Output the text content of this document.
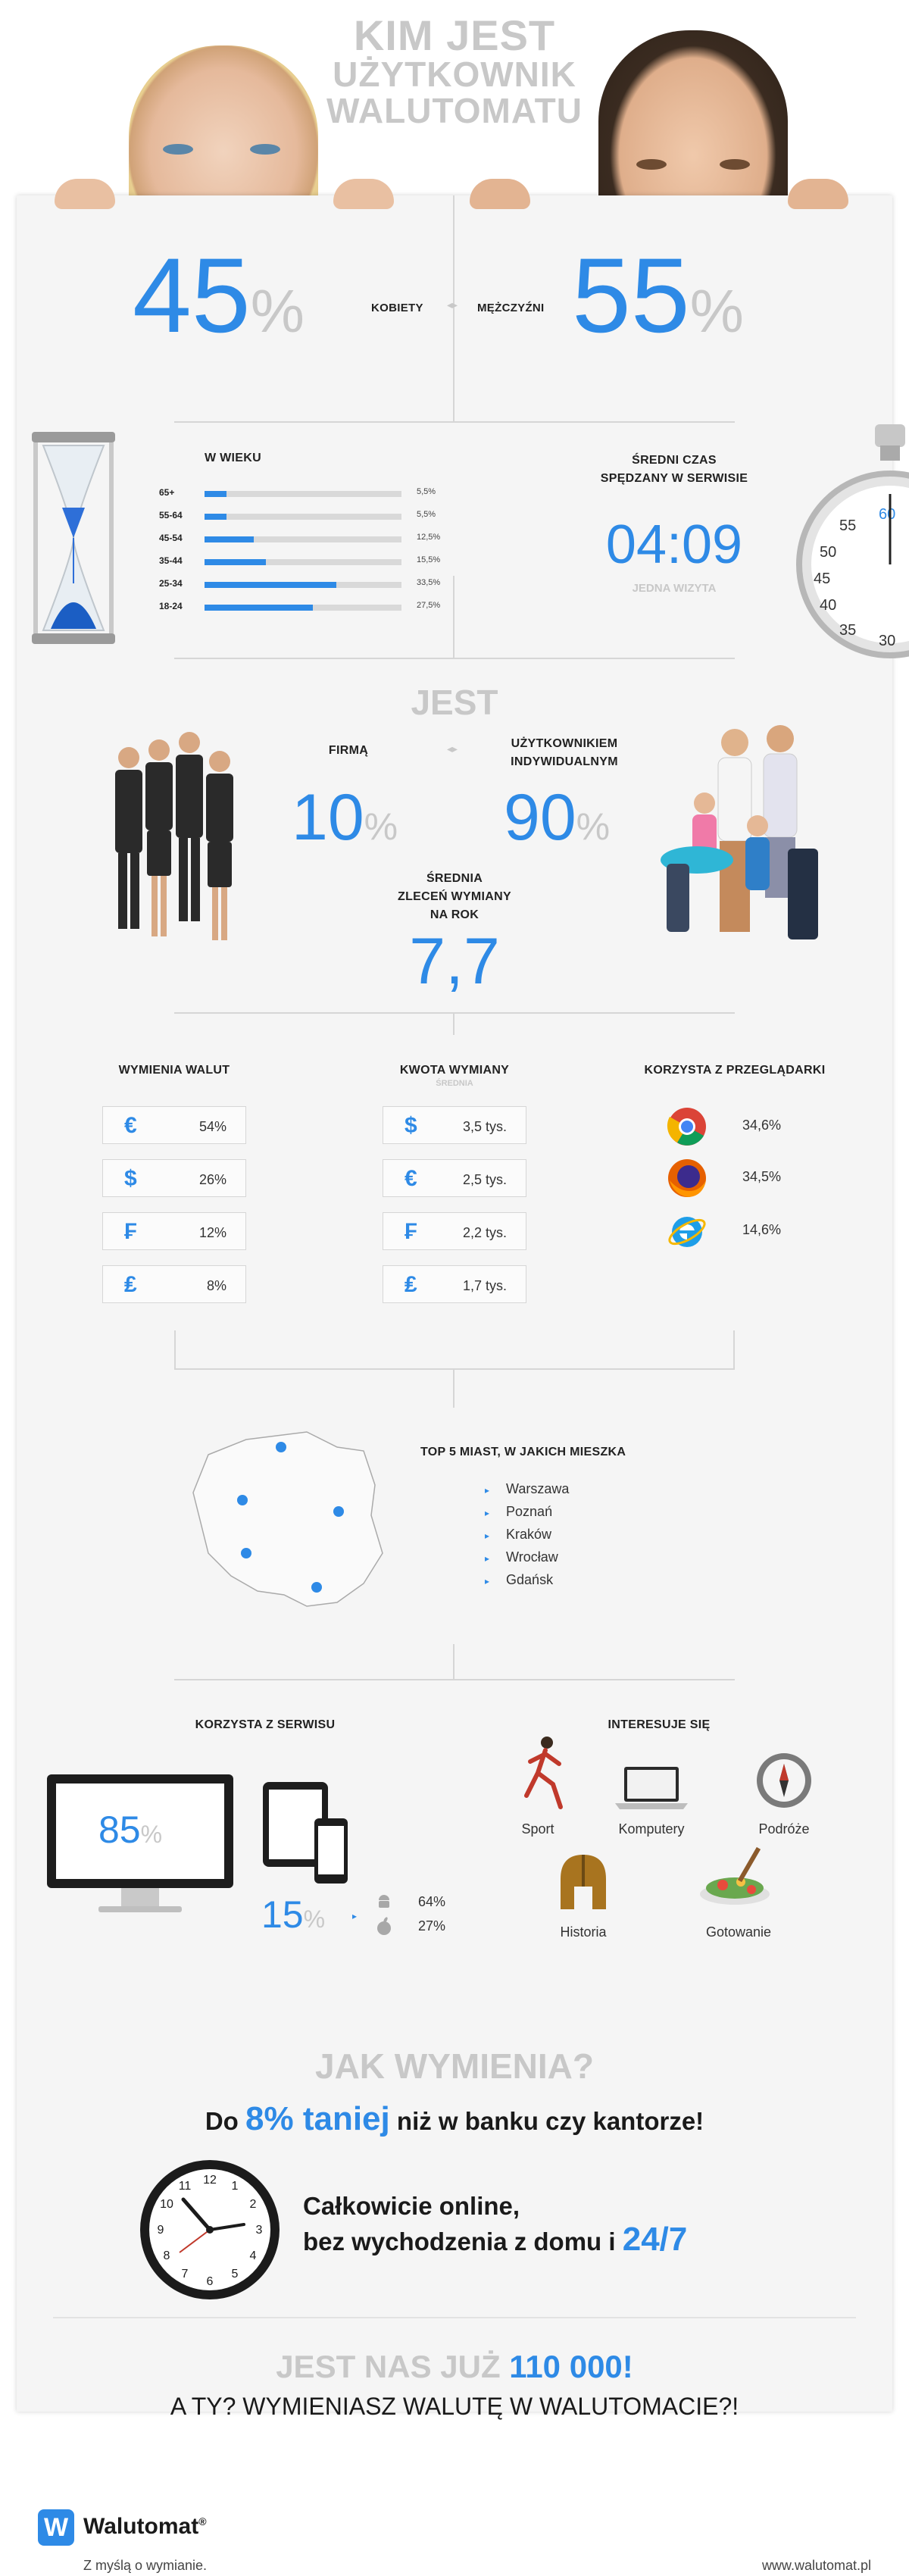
KIM JEST
UŻYTKOWNIK
WALUTOMATU
45%	KOBIETY ◂▸ MĘŻCZYŹNI 55%
W WIEKU
65+	5,5%
55-64	5,5%
45-54	12,5%
35-44	15,5%
25-34	33,5%
18-24	27,5%
ŚREDNI CZAS
SPĘDZANY W SERWISIE
04:09
JEDNA WIZYTA
60
55
50
45
40
35
30
JEST
FIRMĄ	◂▸	UŻYTKOWNIKIEM
INDYWIDUALNYM
10% 90%
ŚREDNIA
ZLECEŃ WYMIANY
NA ROK
7,7
WYMIENIA WALUT	KWOTA WYMIANY
ŚREDNIA
KORZYSTA Z PRZEGLĄDARKI
€	54%
$	26%
₣	12%
₤	8%
$	3,5 tys.
€	2,5 tys.
₣	2,2 tys.
₤	1,7 tys.
34,6%
34,5%
14,6%
TOP 5 MIAST, W JAKICH MIESZKA
▸ Warszawa
▸ Poznań
▸ Kraków
▸ Wrocław
▸ Gdańsk
KORZYSTA Z SERWISU
85%
15%	▸
64%
27%
INTERESUJE SIĘ
Sport	Komputery	Podróże
Historia	Gotowanie
JAK WYMIENIA?
Do 8% taniej niż w banku czy kantorze!
12 1
2
3
4
5
6
7
8
9
10
11
Całkowicie online,
bez wychodzenia z domu i 24/7
JEST NAS JUŻ 110 000!
A TY? WYMIENIASZ WALUTĘ W WALUTOMACIE?!
W Walutomat®
Z myślą o wymianie.	www.walutomat.pl
